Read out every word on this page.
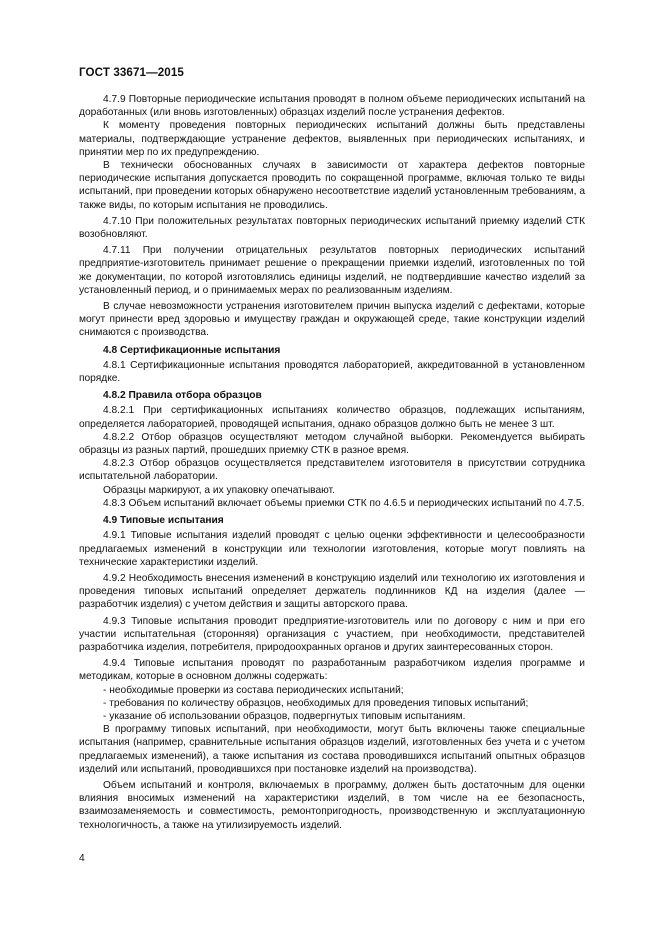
ГОСТ 33671—2015

4.7.9 Повторные периодические испытания проводят в полном объеме периодических испытаний на доработанных (или вновь изготовленных) образцах изделий после устранения дефектов.

К моменту проведения повторных периодических испытаний должны быть представлены материалы, подтверждающие устранение дефектов, выявленных при периодических испытаниях, и принятии мер по их предупреждению.

В технически обоснованных случаях в зависимости от характера дефектов повторные периодические испытания допускается проводить по сокращенной программе, включая только те виды испытаний, при проведении которых обнаружено несоответствие изделий установленным требованиям, а также виды, по которым испытания не проводились.

4.7.10 При положительных результатах повторных периодических испытаний приемку изделий СТК возобновляют.

4.7.11 При получении отрицательных результатов повторных периодических испытаний предприятие-изготовитель принимает решение о прекращении приемки изделий, изготовленных по той же документации, по которой изготовлялись единицы изделий, не подтвердившие качество изделий за установленный период, и о принимаемых мерах по реализованным изделиям.

В случае невозможности устранения изготовителем причин выпуска изделий с дефектами, которые могут принести вред здоровью и имуществу граждан и окружающей среде, такие конструкции изделий снимаются с производства.

4.8 Сертификационные испытания

4.8.1 Сертификационные испытания проводятся лабораторией, аккредитованной в установленном порядке.

4.8.2 Правила отбора образцов

4.8.2.1 При сертификационных испытаниях количество образцов, подлежащих испытаниям, определяется лабораторией, проводящей испытания, однако образцов должно быть не менее 3 шт.

4.8.2.2 Отбор образцов осуществляют методом случайной выборки. Рекомендуется выбирать образцы из разных партий, прошедших приемку СТК в разное время.

4.8.2.3 Отбор образцов осуществляется представителем изготовителя в присутствии сотрудника испытательной лаборатории.

Образцы маркируют, а их упаковку опечатывают.

4.8.3 Объем испытаний включает объемы приемки СТК по 4.6.5 и периодических испытаний по 4.7.5.

4.9 Типовые испытания

4.9.1 Типовые испытания изделий проводят с целью оценки эффективности и целесообразности предлагаемых изменений в конструкции или технологии изготовления, которые могут повлиять на технические характеристики изделий.

4.9.2 Необходимость внесения изменений в конструкцию изделий или технологию их изготовления и проведения типовых испытаний определяет держатель подлинников КД на изделия (далее — разработчик изделия) с учетом действия и защиты авторского права.

4.9.3 Типовые испытания проводит предприятие-изготовитель или по договору с ним и при его участии испытательная (сторонняя) организация с участием, при необходимости, представителей разработчика изделия, потребителя, природоохранных органов и других заинтересованных сторон.

4.9.4 Типовые испытания проводят по разработанным разработчиком изделия программе и методикам, которые в основном должны содержать:

- необходимые проверки из состава периодических испытаний;
- требования по количеству образцов, необходимых для проведения типовых испытаний;
- указание об использовании образцов, подвергнутых типовым испытаниям.

В программу типовых испытаний, при необходимости, могут быть включены также специальные испытания (например, сравнительные испытания образцов изделий, изготовленных без учета и с учетом предлагаемых изменений), а также испытания из состава проводившихся испытаний опытных образцов изделий или испытаний, проводившихся при постановке изделий на производства).

Объем испытаний и контроля, включаемых в программу, должен быть достаточным для оценки влияния вносимых изменений на характеристики изделий, в том числе на ее безопасность, взаимозаменяемость и совместимость, ремонтопригодность, производственную и эксплуатационную технологичность, а также на утилизируемость изделий.

4
